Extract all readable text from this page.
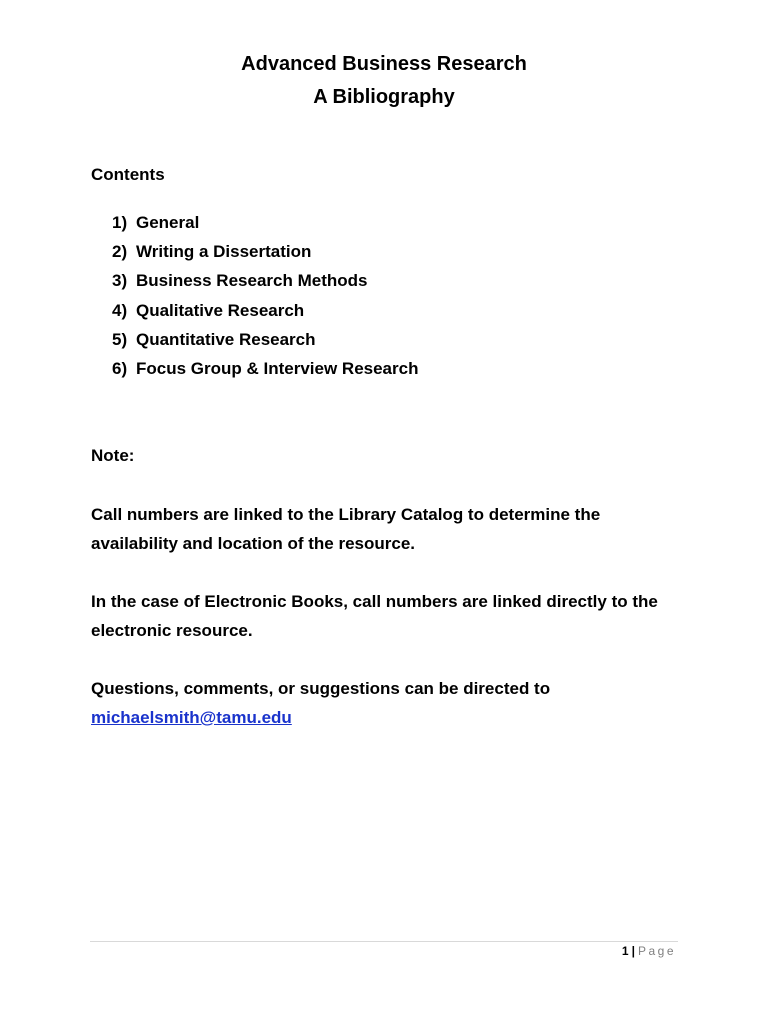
Advanced Business Research
A Bibliography
Contents
1) General
2) Writing a Dissertation
3) Business Research Methods
4) Qualitative Research
5) Quantitative Research
6) Focus Group & Interview Research
Note:

Call numbers are linked to the Library Catalog to determine the availability and location of the resource.

In the case of Electronic Books, call numbers are linked directly to the electronic resource.

Questions, comments, or suggestions can be directed to
michaelsmith@tamu.edu

1 | Page
